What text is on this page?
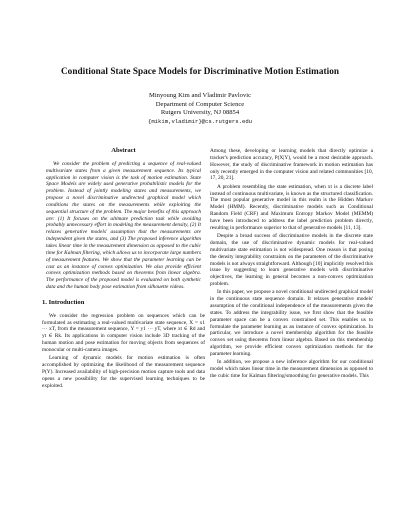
Conditional State Space Models for Discriminative Motion Estimation
Minyoung Kim and Vladimir Pavlovic
Department of Computer Science
Rutgers University, NJ 08854
{mikim,vladimir}@cs.rutgers.edu
Abstract

We consider the problem of predicting a sequence of real-valued multivariate states from a given measurement sequence. Its typical application in computer vision is the task of motion estimation. State Space Models are widely used generative probabilistic models for the problem. Instead of jointly modeling states and measurements, we propose a novel discriminative undirected graphical model which conditions the states on the measurements while exploiting the sequential structure of the problem. The major benefits of this approach are: (1) It focuses on the ultimate prediction task while avoiding probably unnecessary effort in modeling the measurement density, (2) It relaxes generative models' assumption that the measurements are independent given the states, and (3) The proposed inference algorithm takes linear time in the measurement dimension as opposed to the cubic time for Kalman filtering, which allows us to incorporate large numbers of measurement features. We show that the parameter learning can be cast as an instance of convex optimization. We also provide efficient convex optimization methods based on theorems from linear algebra. The performance of the proposed model is evaluated on both synthetic data and the human body pose estimation from silhouette videos.

1. Introduction

We consider the regression problem on sequences which can be formulated as estimating a real-valued multivariate state sequence, X = x1 ··· xT, from the measurement sequence, Y = y1 ··· yT, where xt ∈ Rd and yt ∈ Rk. Its applications in computer vision include 3D tracking of the human motion and pose estimation for moving objects from sequences of monocular or multi-camera images.

Learning of dynamic models for motion estimation is often accomplished by optimizing the likelihood of the measurement sequence P(Y). Increased availability of high-precision motion capture tools and data opens a new possibility for the supervised learning techniques to be exploited.

Among these, developing or learning models that directly optimize a tracker's prediction accuracy, P(X|Y), would be a most desirable approach. However, the study of discriminative framework in motion estimation has only recently emerged in the computer vision and related communities [10, 17, 20, 21].

A problem resembling the state estimation, when xt is a discrete label instead of continuous multivariate, is known as the structured classification. The most popular generative model in this realm is the Hidden Markov Model (HMM). Recently, discriminative models such as Conditional Random Field (CRF) and Maximum Entropy Markov Model (MEMM) have been introduced to address the label prediction problem directly, resulting in performance superior to that of generative models [11, 13].

Despite a broad success of discriminative models in the discrete state domain, the use of discriminative dynamic models for real-valued multivariate state estimation is not widespread. One reason is that posing the density integrability constraints on the parameters of the discriminative models is not always straightforward. Although [10] implicitly resolved this issue by suggesting to learn generative models with discriminative objectives, the learning in general becomes a non-convex optimization problem.

In this paper, we propose a novel conditional undirected graphical model in the continuous state sequence domain. It relaxes generative models' assumption of the conditional independence of the measurements given the states. To address the integrability issue, we first show that the feasible parameter space can be a convex constrained set. This enables us to formulate the parameter learning as an instance of convex optimization. In particular, we introduce a novel membership algorithm for the feasible convex set using theorems from linear algebra. Based on this membership algorithm, we provide efficient convex optimization methods for the parameter learning.

In addition, we propose a new inference algorithm for our conditional model which takes linear time in the measurement dimension as opposed to the cubic time for Kalman filtering/smoothing for generative models. This
